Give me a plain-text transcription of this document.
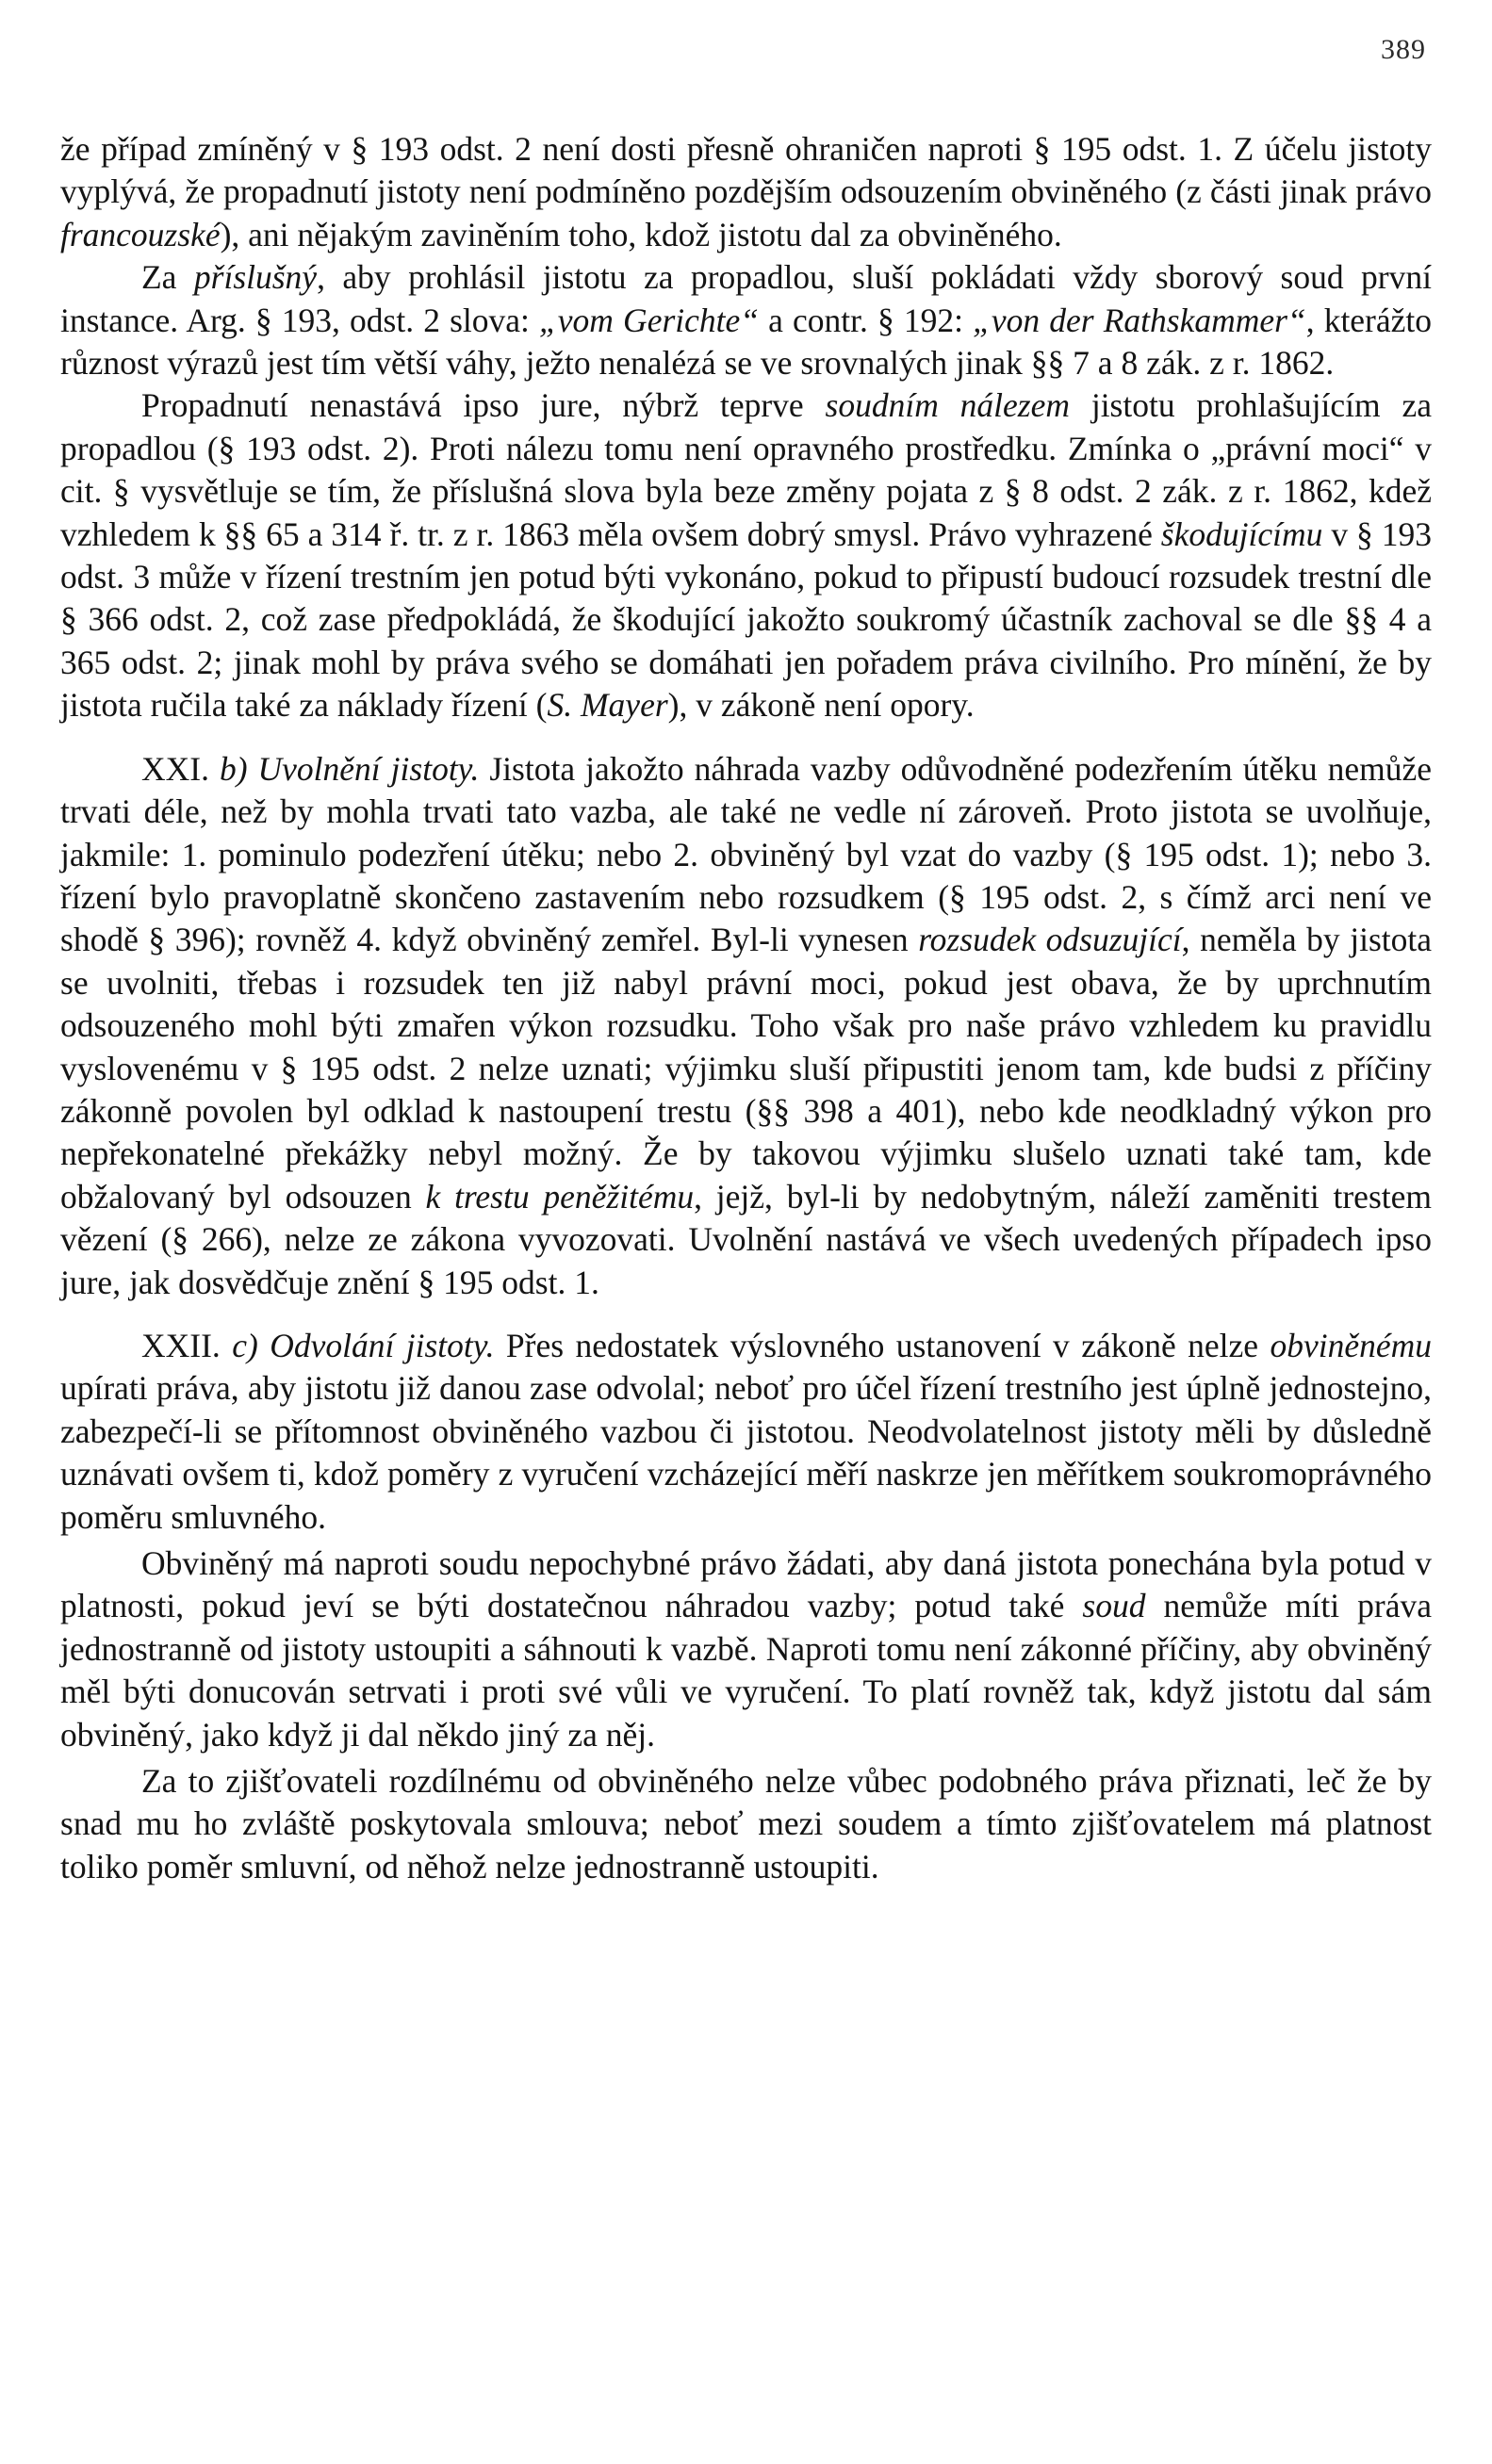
389

že případ zmíněný v § 193 odst. 2 není dosti přesně ohraničen naproti § 195 odst. 1. Z účelu jistoty vyplývá, že propadnutí jistoty není podmíněno pozdějším odsouzením obviněného (z části jinak právo francouzské), ani nějakým zaviněním toho, kdož jistotu dal za obviněného.

Za příslušný, aby prohlásil jistotu za propadlou, sluší pokládati vždy sborový soud první instance. Arg. § 193, odst. 2 slova: „vom Gerichte“ a contr. § 192: „von der Rathskammer“, kterážto různost výrazů jest tím větší váhy, ježto nenalézá se ve srovnalých jinak §§ 7 a 8 zák. z r. 1862.

Propadnutí nenastává ipso jure, nýbrž teprve soudním nálezem jistotu prohlašujícím za propadlou (§ 193 odst. 2). Proti nálezu tomu není opravného prostředku. Zmínka o „právní moci“ v cit. § vysvětluje se tím, že příslušná slova byla beze změny pojata z § 8 odst. 2 zák. z r. 1862, kdež vzhledem k §§ 65 a 314 ř. tr. z r. 1863 měla ovšem dobrý smysl. Právo vyhrazené škodujícímu v § 193 odst. 3 může v řízení trestním jen potud býti vykonáno, pokud to připustí budoucí rozsudek trestní dle § 366 odst. 2, což zase předpokládá, že škodující jakožto soukromý účastník zachoval se dle §§ 4 a 365 odst. 2; jinak mohl by práva svého se domáhati jen pořadem práva civilního. Pro mínění, že by jistota ručila také za náklady řízení (S. Mayer), v zákoně není opory.

XXI. b) Uvolnění jistoty. Jistota jakožto náhrada vazby odůvodněné podezřením útěku nemůže trvati déle, než by mohla trvati tato vazba, ale také ne vedle ní zároveň. Proto jistota se uvolňuje, jakmile: 1. pominulo podezření útěku; nebo 2. obviněný byl vzat do vazby (§ 195 odst. 1); nebo 3. řízení bylo pravoplatně skončeno zastavením nebo rozsudkem (§ 195 odst. 2, s čímž arci není ve shodě § 396); rovněž 4. když obviněný zemřel. Byl-li vynesen rozsudek odsuzující, neměla by jistota se uvolniti, třebas i rozsudek ten již nabyl právní moci, pokud jest obava, že by uprchnutím odsouzeného mohl býti zmařen výkon rozsudku. Toho však pro naše právo vzhledem ku pravidlu vyslovenému v § 195 odst. 2 nelze uznati; výjimku sluší připustiti jenom tam, kde budsi z příčiny zákonně povolen byl odklad k nastoupení trestu (§§ 398 a 401), nebo kde neodkladný výkon pro nepřekonatelné překážky nebyl možný. Že by takovou výjimku slušelo uznati také tam, kde obžalovaný byl odsouzen k trestu peněžitému, jejž, byl-li by nedobytným, náleží zaměniti trestem vězení (§ 266), nelze ze zákona vyvozovati. Uvolnění nastává ve všech uvedených případech ipso jure, jak dosvědčuje znění § 195 odst. 1.

XXII. c) Odvolání jistoty. Přes nedostatek výslovného ustanovení v zákoně nelze obviněnému upírati práva, aby jistotu již danou zase odvolal; neboť pro účel řízení trestního jest úplně jednostejno, zabezpečí-li se přítomnost obviněného vazbou či jistotou. Neodvolatelnost jistoty měli by důsledně uznávati ovšem ti, kdož poměry z vyručení vzcházející měří naskrze jen měřítkem soukromoprávného poměru smluvného.

Obviněný má naproti soudu nepochybné právo žádati, aby daná jistota ponechána byla potud v platnosti, pokud jeví se býti dostatečnou náhradou vazby; potud také soud nemůže míti práva jednostranně od jistoty ustoupiti a sáhnouti k vazbě. Naproti tomu není zákonné příčiny, aby obviněný měl býti donucován setrvati i proti své vůli ve vyručení. To platí rovněž tak, když jistotu dal sám obviněný, jako když ji dal někdo jiný za něj.

Za to zjišťovateli rozdílnému od obviněného nelze vůbec podobného práva přiznati, leč že by snad mu ho zvláště poskytovala smlouva; neboť mezi soudem a tímto zjišťovatelem má platnost toliko poměr smluvní, od něhož nelze jednostranně ustoupiti.
